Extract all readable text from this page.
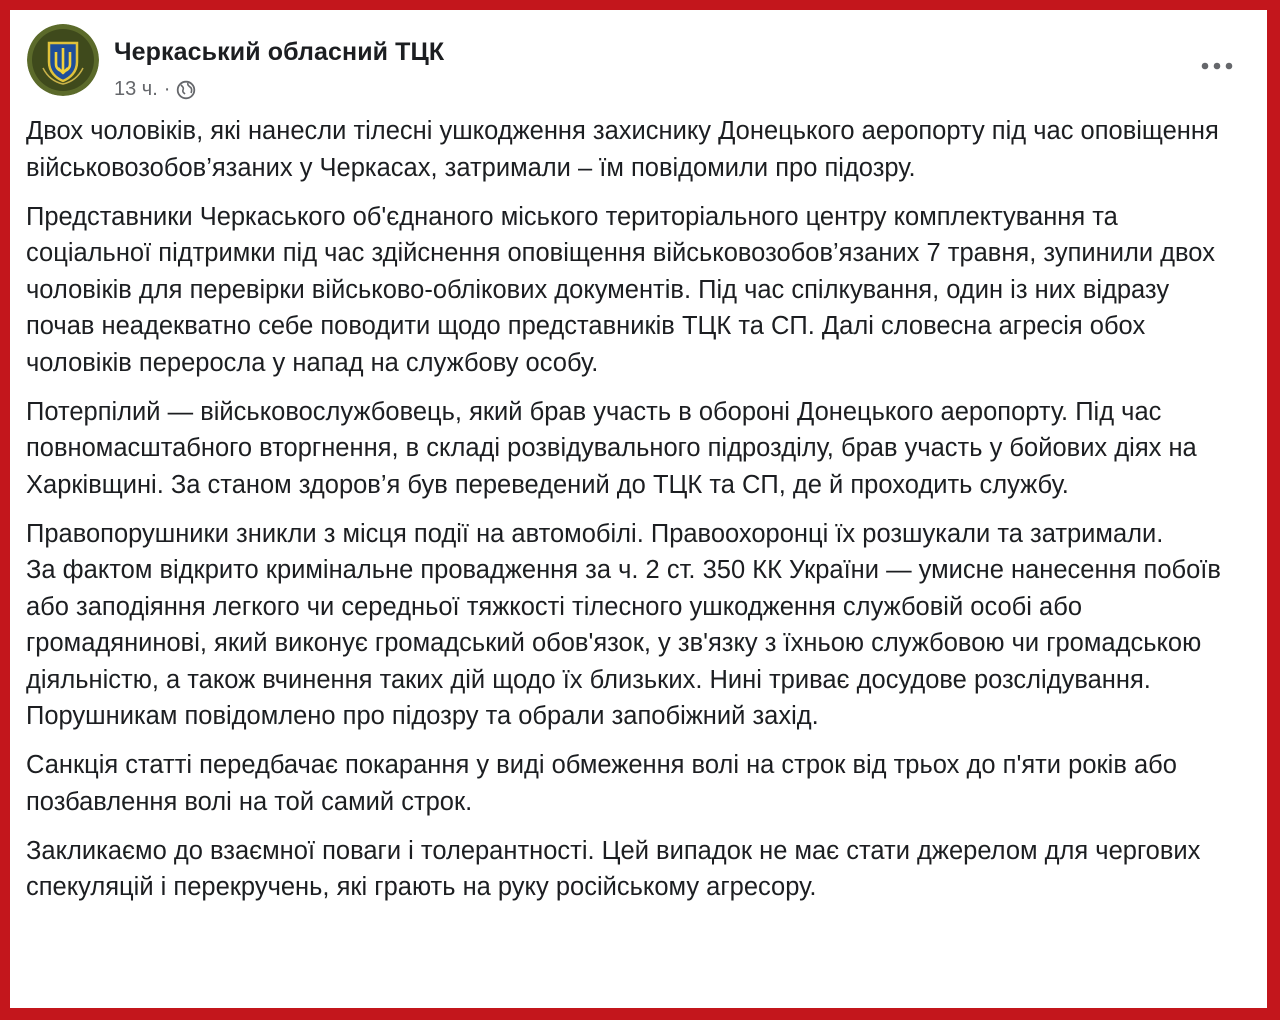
Черкаський обласний ТЦК
13 ч. ·

Двох чоловіків, які нанесли тілесні ушкодження захиснику Донецького аеропорту під час оповіщення військовозобов’язаних у Черкасах, затримали – їм повідомили про підозру.

Представники Черкаського об'єднаного міського територіального центру комплектування та соціальної підтримки під час здійснення оповіщення військовозобов’язаних 7 травня, зупинили двох чоловіків для перевірки військово-облікових документів. Під час спілкування, один із них відразу почав неадекватно себе поводити щодо представників ТЦК та СП. Далі словесна агресія обох чоловіків переросла у напад на службову особу.

Потерпілий — військовослужбовець, який брав участь в обороні Донецького аеропорту. Під час повномасштабного вторгнення, в складі розвідувального підрозділу, брав участь у бойових діях на Харківщині. За станом здоров’я був переведений до ТЦК та СП, де й проходить службу.

Правопорушники зникли з місця події на автомобілі. Правоохоронці їх розшукали та затримали.
За фактом відкрито кримінальне провадження за ч. 2 ст. 350 КК України — умисне нанесення побоїв або заподіяння легкого чи середньої тяжкості тілесного ушкодження службовій особі або громадянинові, який виконує громадський обов'язок, у зв'язку з їхньою службовою чи громадською діяльністю, а також вчинення таких дій щодо їх близьких. Нині триває досудове розслідування. Порушникам повідомлено про підозру та обрали запобіжний захід.

Санкція статті передбачає покарання у виді обмеження волі на строк від трьох до п'яти років або позбавлення волі на той самий строк.

Закликаємо до взаємної поваги і толерантності. Цей випадок не має стати джерелом для чергових спекуляцій і перекручень, які грають на руку російському агресору.
